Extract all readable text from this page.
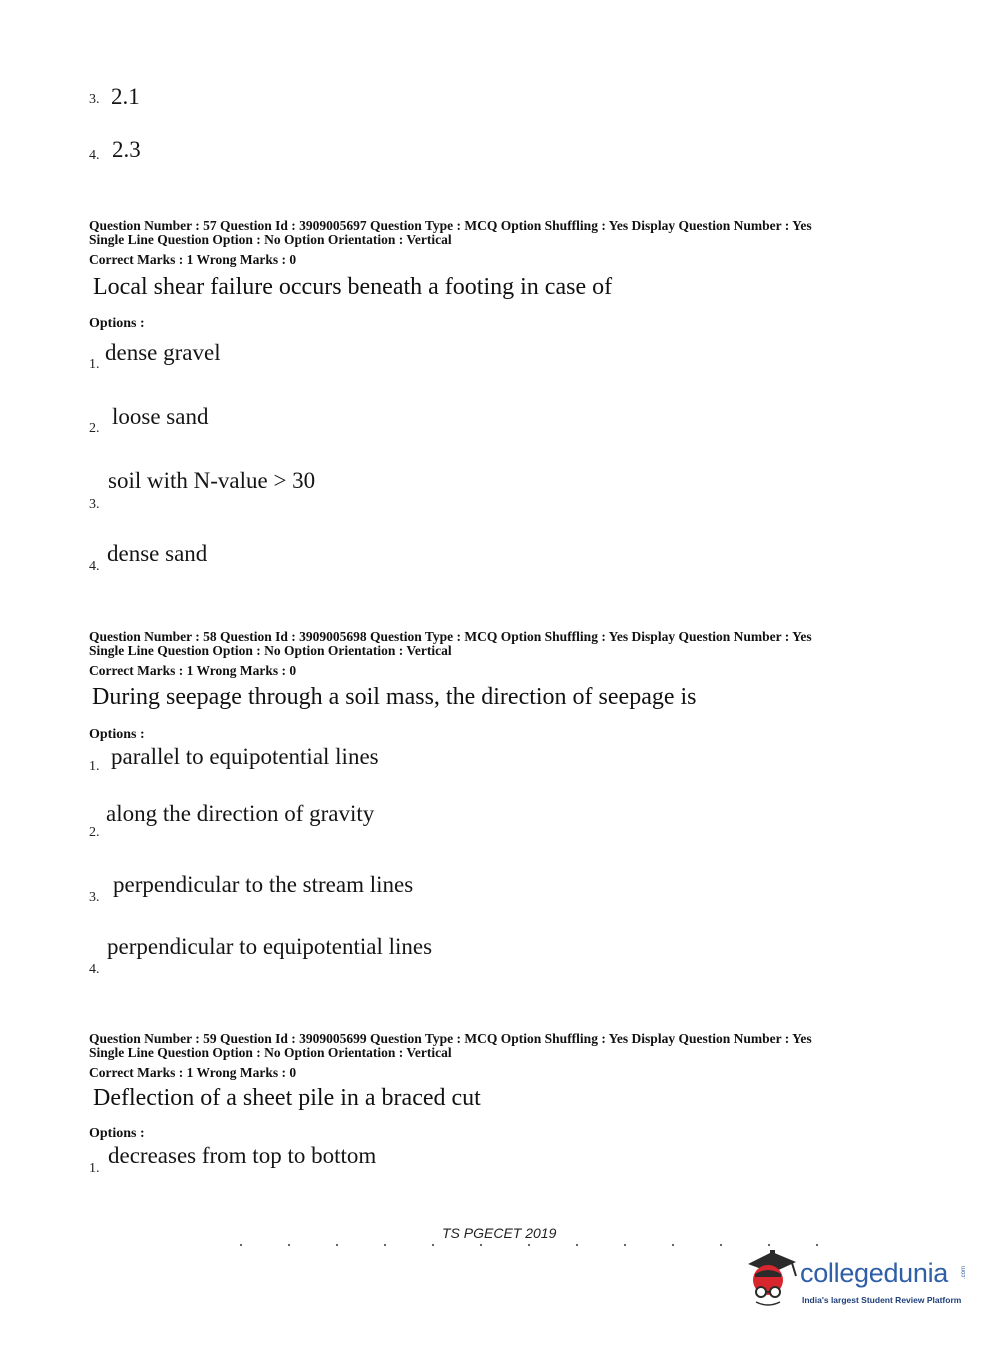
3. 2.1
4. 2.3
Question Number : 57 Question Id : 3909005697 Question Type : MCQ Option Shuffling : Yes Display Question Number : Yes
Single Line Question Option : No Option Orientation : Vertical
Correct Marks : 1 Wrong Marks : 0
Local shear failure occurs beneath a footing in case of
Options :
1. dense gravel
2. loose sand
soil with N-value > 30
3.
4.
dense sand
Question Number : 58 Question Id : 3909005698 Question Type : MCQ Option Shuffling : Yes Display Question Number : Yes
Single Line Question Option : No Option Orientation : Vertical
Correct Marks : 1 Wrong Marks : 0
During seepage through a soil mass, the direction of seepage is
Options :
1. parallel to equipotential lines
along the direction of gravity
2.
3.
perpendicular to the stream lines
perpendicular to equipotential lines
4.
Question Number : 59 Question Id : 3909005699 Question Type : MCQ Option Shuffling : Yes Display Question Number : Yes
Single Line Question Option : No Option Orientation : Vertical
Correct Marks : 1 Wrong Marks : 0
Deflection of a sheet pile in a braced cut
Options :
1.
decreases from top to bottom
TS PGECET 2019
collegedunia .com
India's largest Student Review Platform
